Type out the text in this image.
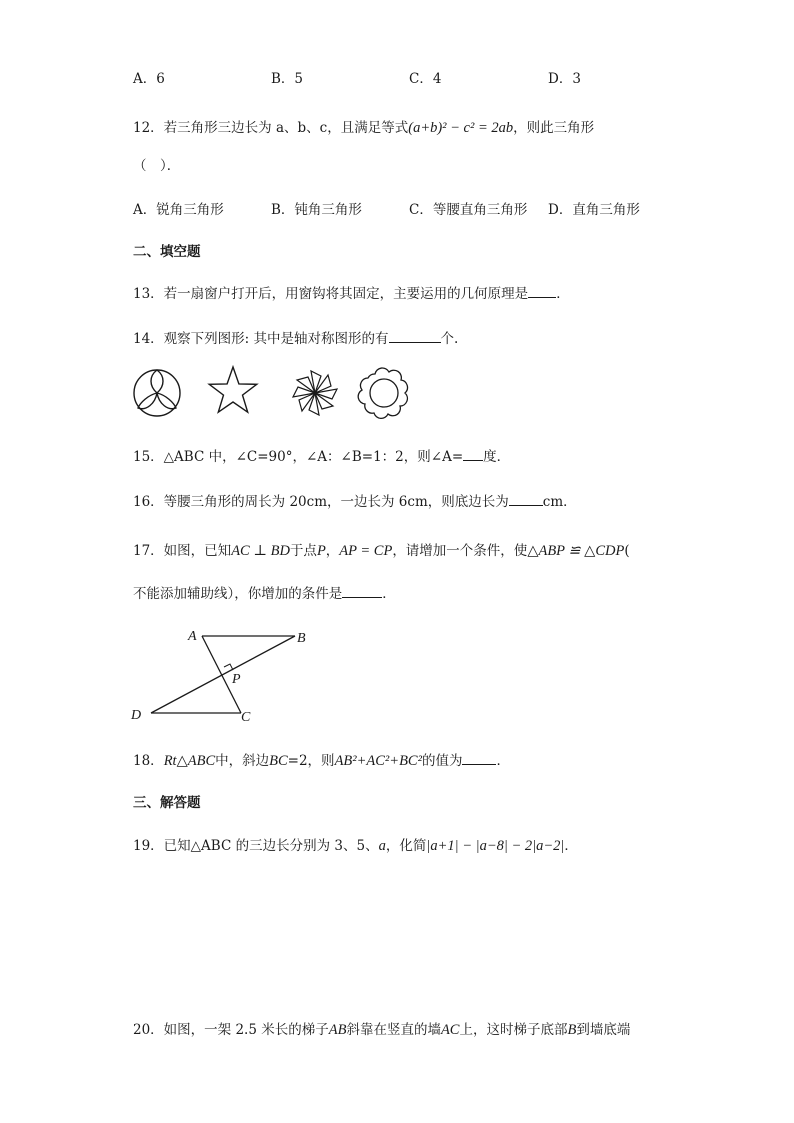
A．6	B．5	C．4	D．3
12．若三角形三边长为 a、b、c，且满足等式(a+b)² − c² = 2ab，则此三角形
（　）．
A．锐角三角形	B．钝角三角形	C．等腰直角三角形 D．直角三角形
二、填空题
13．若一扇窗户打开后，用窗钩将其固定，主要运用的几何原理是 ．
14．观察下列图形: 其中是轴对称图形的有	个.
15．△ABC 中，∠C=90°，∠A：∠B=1：2，则∠A= 度．
16．等腰三角形的周长为 20cm，一边长为 6cm，则底边长为	cm．
17．如图，已知AC ⊥ BD于点P，AP = CP，请增加一个条件，使△ABP ≌ △CDP(
不能添加辅助线），你增加的条件是	．
A	B
P
D	C
18．Rt△ABC中，斜边BC=2，则AB²+AC²+BC²的值为	．
三、解答题
19．已知△ABC 的三边长分别为 3、5、a，化简|a+1| − |a−8| − 2|a−2|．
20．如图，一架 2.5 米长的梯子AB斜靠在竖直的墙AC上，这时梯子底部B到墙底端
